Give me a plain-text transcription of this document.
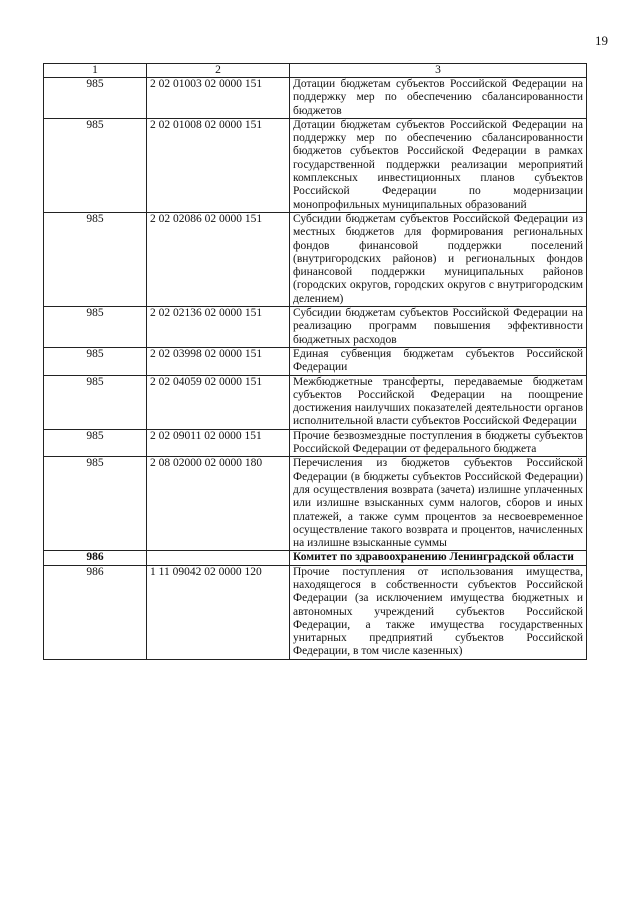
19
1	2	3
985	2 02 01003 02 0000 151	Дотации бюджетам субъектов Российской Федерации на поддержку мер по обеспечению сбалансированности бюджетов
985	2 02 01008 02 0000 151	Дотации бюджетам субъектов Российской Федерации на поддержку мер по обеспечению сбалансированности бюджетов субъектов Российской Федерации в рамках государственной поддержки реализации мероприятий комплексных инвестиционных планов субъектов Российской Федерации по модернизации монопрофильных муниципальных образований
985	2 02 02086 02 0000 151	Субсидии бюджетам субъектов Российской Федерации из местных бюджетов для формирования региональных фондов финансовой поддержки поселений (внутригородских районов) и региональных фондов финансовой поддержки муниципальных районов (городских округов, городских округов с внутригородским делением)
985	2 02 02136 02 0000 151	Субсидии бюджетам субъектов Российской Федерации на реализацию программ повышения эффективности бюджетных расходов
985	2 02 03998 02 0000 151	Единая субвенция бюджетам субъектов Российской Федерации
985	2 02 04059 02 0000 151	Межбюджетные трансферты, передаваемые бюджетам субъектов Российской Федерации на поощрение достижения наилучших показателей деятельности органов исполнительной власти субъектов Российской Федерации
985	2 02 09011 02 0000 151	Прочие безвозмездные поступления в бюджеты субъектов Российской Федерации от федерального бюджета
985	2 08 02000 02 0000 180	Перечисления из бюджетов субъектов Российской Федерации (в бюджеты субъектов Российской Федерации) для осуществления возврата (зачета) излишне уплаченных или излишне взысканных сумм налогов, сборов и иных платежей, а также сумм процентов за несвоевременное осуществление такого возврата и процентов, начисленных на излишне взысканные суммы
986		Комитет по здравоохранению Ленинградской области
986	1 11 09042 02 0000 120	Прочие поступления от использования имущества, находящегося в собственности субъектов Российской Федерации (за исключением имущества бюджетных и автономных учреждений субъектов Российской Федерации, а также имущества государственных унитарных предприятий субъектов Российской Федерации, в том числе казенных)
